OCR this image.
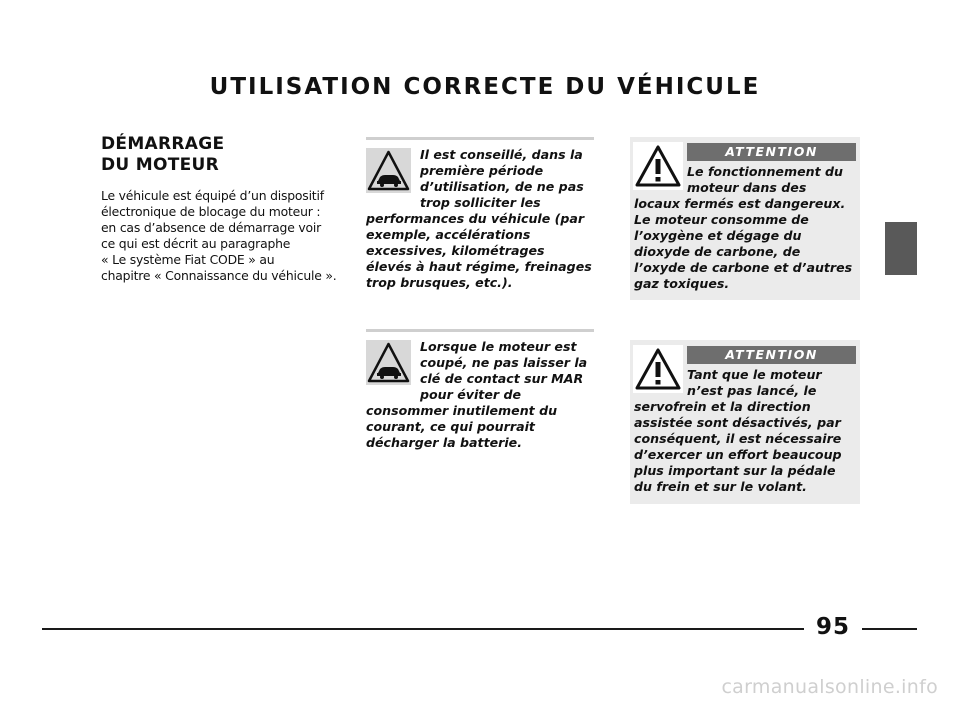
UTILISATION CORRECTE DU VÉHICULE
DÉMARRAGE
DU MOTEUR

Le véhicule est équipé d’un dispositif
électronique de blocage du moteur :
en cas d’absence de démarrage voir
ce qui est décrit au paragraphe
« Le système Fiat CODE » au
chapitre « Connaissance du véhicule ».

Il est conseillé, dans la première période d’utilisation, de ne pas trop solliciter les performances du véhicule (par exemple, accélérations excessives, kilométrages élevés à haut régime, freinages trop brusques, etc.).

Lorsque le moteur est coupé, ne pas laisser la clé de contact sur MAR pour éviter de consommer inutilement du courant, ce qui pourrait décharger la batterie.

ATTENTION

Le fonctionnement du moteur dans des locaux fermés est dangereux.
Le moteur consomme de l’oxygène et dégage du dioxyde de carbone, de l’oxyde de carbone et d’autres gaz toxiques.

ATTENTION

Tant que le moteur n’est pas lancé, le servofrein et la direction assistée sont désactivés, par conséquent, il est nécessaire d’exercer un effort beaucoup plus important sur la pédale du frein et sur le volant.

95
carmanualsonline.info
